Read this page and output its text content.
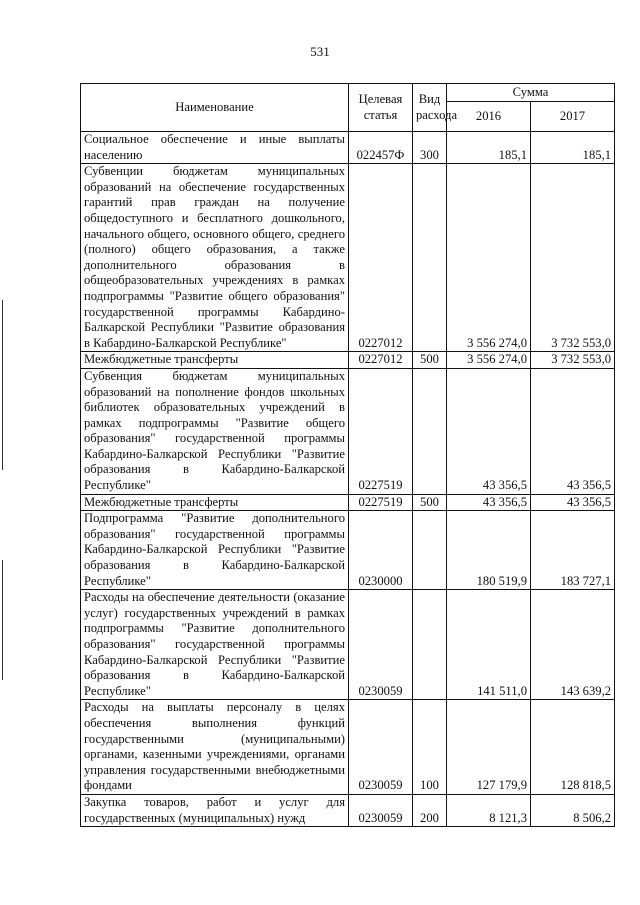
531
Наименование	Целевая статья	Вид расхода	Сумма	
			2016	2017
Социальное обеспечение и иные выплаты населению	022457Ф	300	185,1	185,1
Субвенции бюджетам муниципальных образований на обеспечение государственных гарантий прав граждан на получение общедоступного и бесплатного дошкольного, начального общего, основного общего, среднего (полного) общего образования, а также дополнительного образования в общеобразовательных учреждениях в рамках подпрограммы "Развитие общего образования" государственной программы Кабардино-Балкарской Республики "Развитие образования в Кабардино-Балкарской Республике"	0227012		3 556 274,0	3 732 553,0
Межбюджетные трансферты	0227012	500	3 556 274,0	3 732 553,0
Субвенция бюджетам муниципальных образований на пополнение фондов школьных библиотек образовательных учреждений в рамках подпрограммы "Развитие общего образования" государственной программы Кабардино-Балкарской Республики "Развитие образования в Кабардино-Балкарской Республике"	0227519		43 356,5	43 356,5
Межбюджетные трансферты	0227519	500	43 356,5	43 356,5
Подпрограмма "Развитие дополнительного образования" государственной программы Кабардино-Балкарской Республики "Развитие образования в Кабардино-Балкарской Республике"	0230000		180 519,9	183 727,1
Расходы на обеспечение деятельности (оказание услуг) государственных учреждений в рамках подпрограммы "Развитие дополнительного образования" государственной программы Кабардино-Балкарской Республики "Развитие образования в Кабардино-Балкарской Республике"	0230059		141 511,0	143 639,2
Расходы на выплаты персоналу в целях обеспечения выполнения функций государственными (муниципальными) органами, казенными учреждениями, органами управления государственными внебюджетными фондами	0230059	100	127 179,9	128 818,5
Закупка товаров, работ и услуг для государственных (муниципальных) нужд	0230059	200	8 121,3	8 506,2
